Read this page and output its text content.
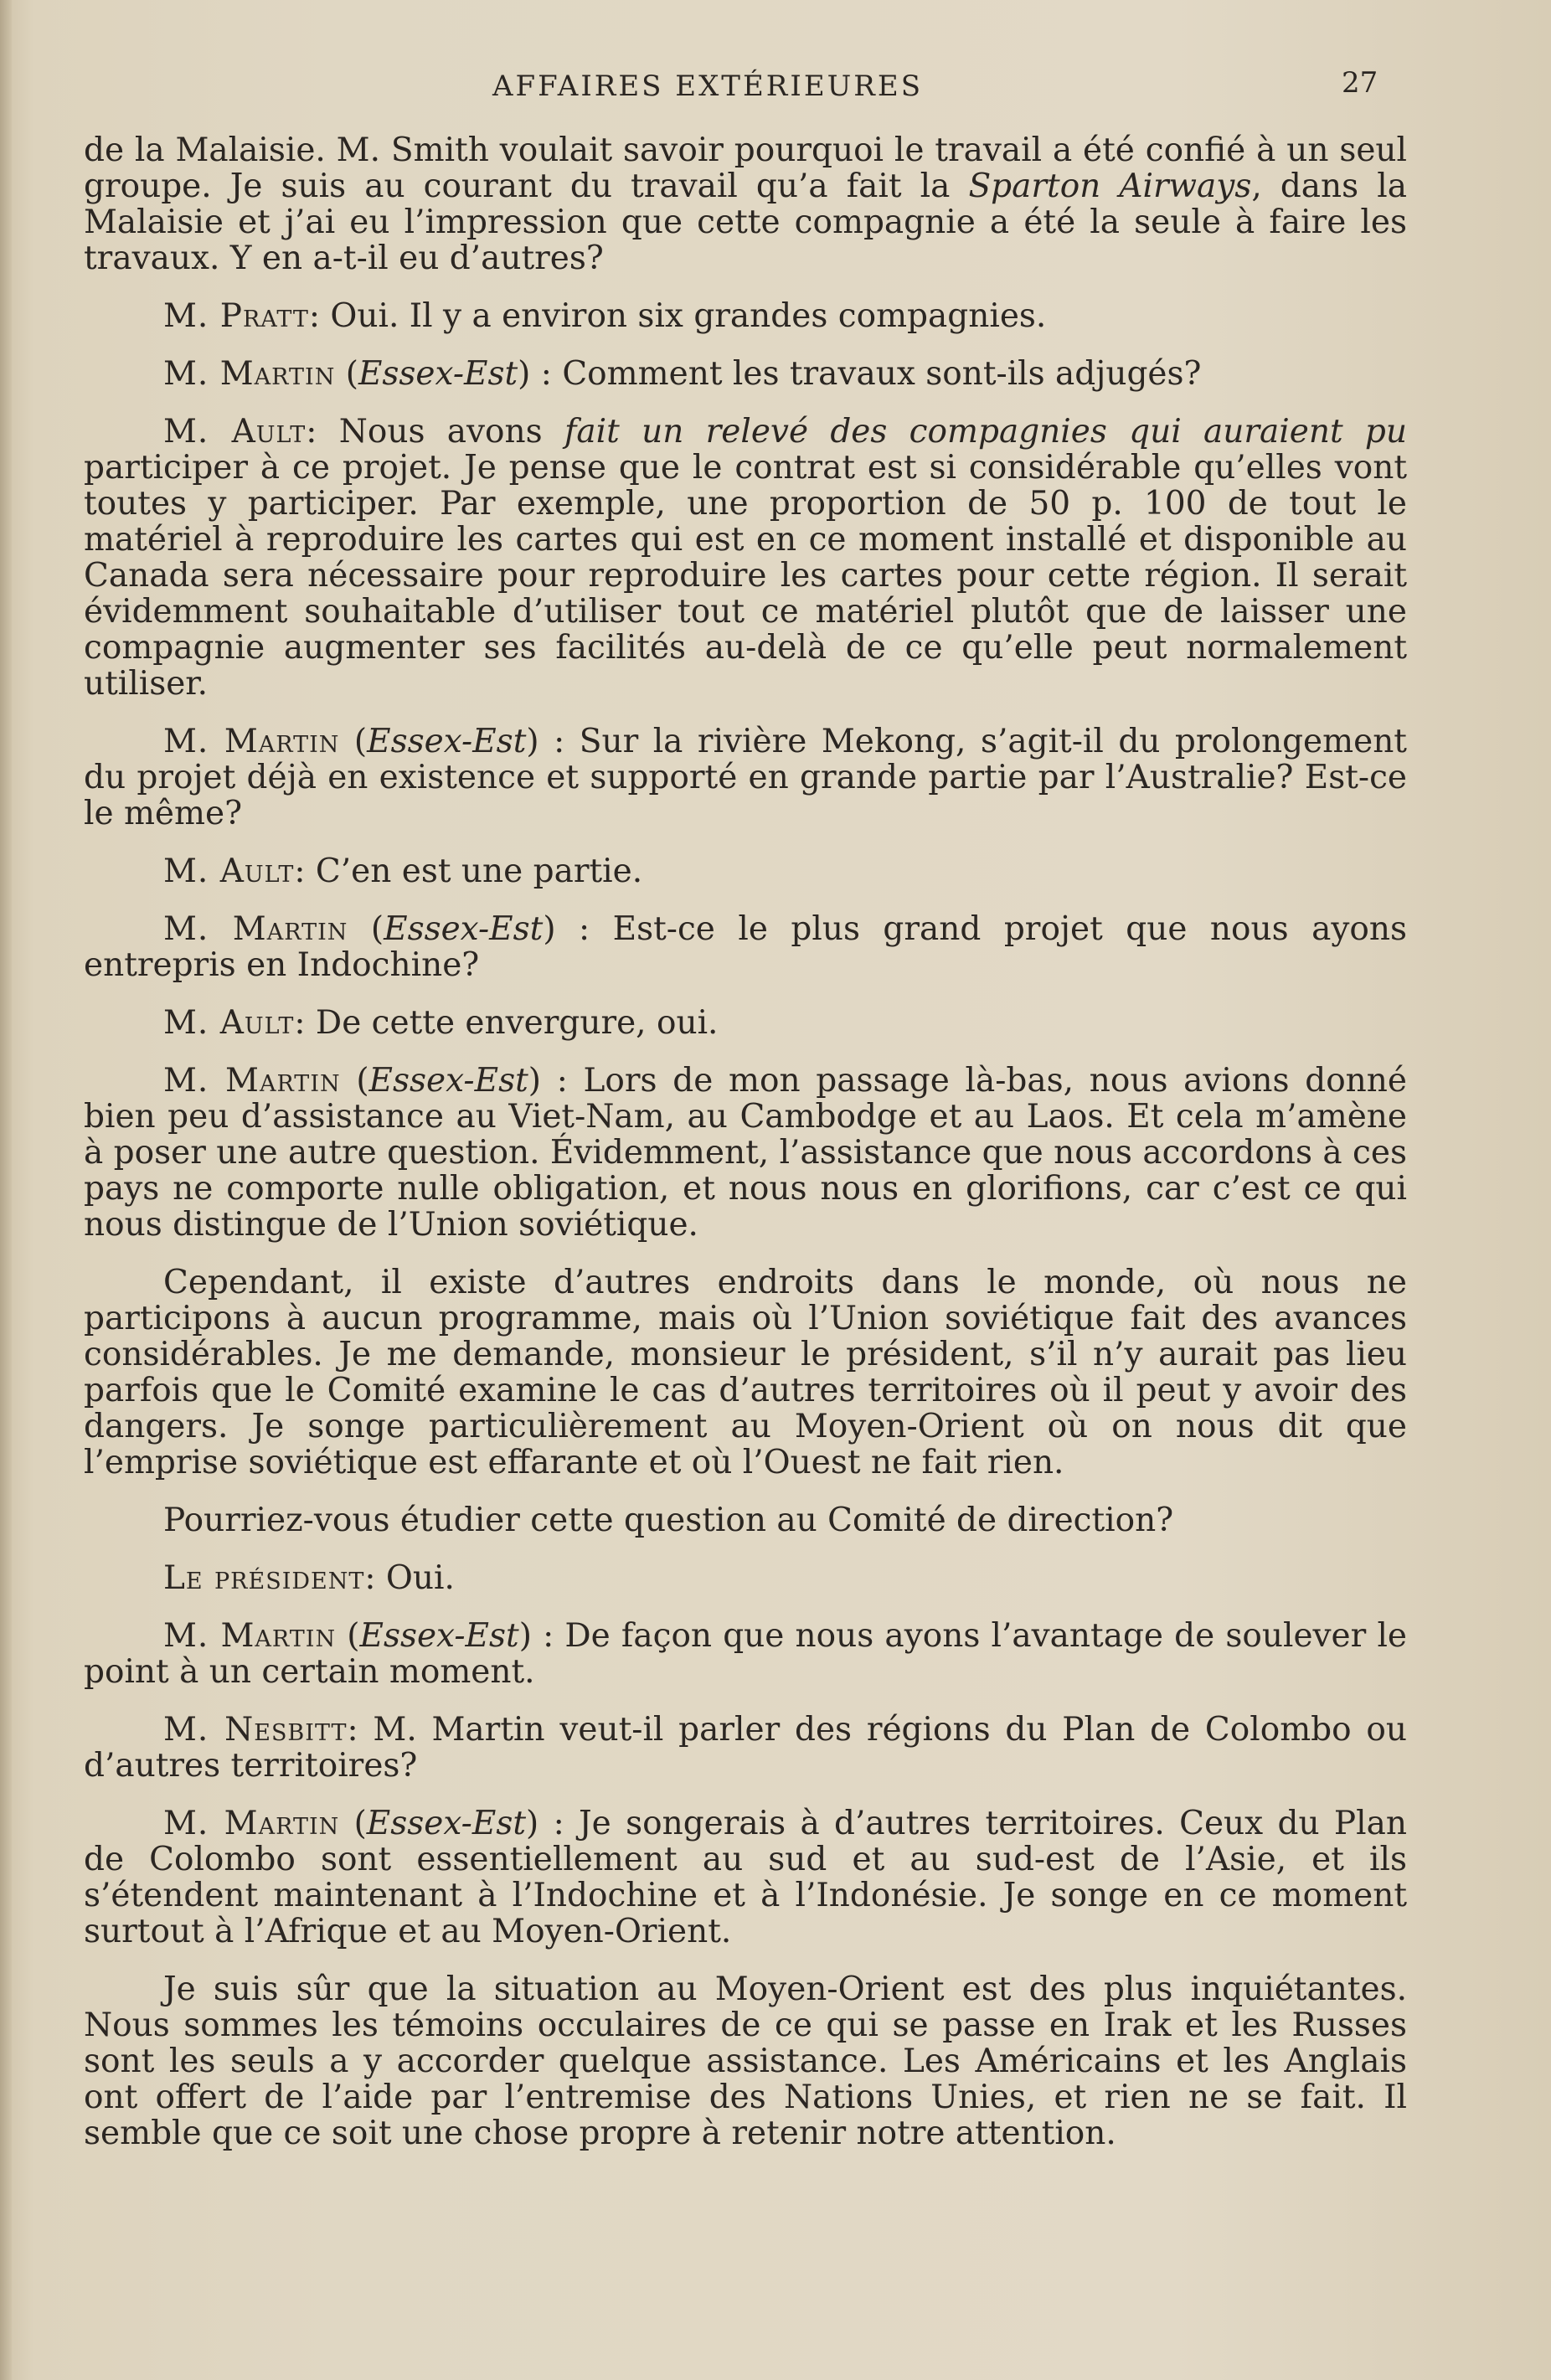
AFFAIRES EXTÉRIEURES	27

de la Malaisie. M. Smith voulait savoir pourquoi le travail a été confié à un seul groupe. Je suis au courant du travail qu’a fait la Sparton Airways, dans la Malaisie et j’ai eu l’impression que cette compagnie a été la seule à faire les travaux. Y en a-t-il eu d’autres?

M. Pratt: Oui. Il y a environ six grandes compagnies.

M. Martin (Essex-Est) : Comment les travaux sont-ils adjugés?

M. Ault: Nous avons fait un relevé des compagnies qui auraient pu participer à ce projet. Je pense que le contrat est si considérable qu’elles vont toutes y participer. Par exemple, une proportion de 50 p. 100 de tout le matériel à reproduire les cartes qui est en ce moment installé et disponible au Canada sera nécessaire pour reproduire les cartes pour cette région. Il serait évidemment souhaitable d’utiliser tout ce matériel plutôt que de laisser une compagnie augmenter ses facilités au-delà de ce qu’elle peut normalement utiliser.

M. Martin (Essex-Est) : Sur la rivière Mekong, s’agit-il du prolongement du projet déjà en existence et supporté en grande partie par l’Australie? Est-ce le même?

M. Ault: C’en est une partie.

M. Martin (Essex-Est) : Est-ce le plus grand projet que nous ayons entrepris en Indochine?

M. Ault: De cette envergure, oui.

M. Martin (Essex-Est) : Lors de mon passage là-bas, nous avions donné bien peu d’assistance au Viet-Nam, au Cambodge et au Laos. Et cela m’amène à poser une autre question. Évidemment, l’assistance que nous accordons à ces pays ne comporte nulle obligation, et nous nous en glorifions, car c’est ce qui nous distingue de l’Union soviétique.

Cependant, il existe d’autres endroits dans le monde, où nous ne participons à aucun programme, mais où l’Union soviétique fait des avances considérables. Je me demande, monsieur le président, s’il n’y aurait pas lieu parfois que le Comité examine le cas d’autres territoires où il peut y avoir des dangers. Je songe particulièrement au Moyen-Orient où on nous dit que l’emprise soviétique est effarante et où l’Ouest ne fait rien.

Pourriez-vous étudier cette question au Comité de direction?

Le président: Oui.

M. Martin (Essex-Est) : De façon que nous ayons l’avantage de soulever le point à un certain moment.

M. Nesbitt: M. Martin veut-il parler des régions du Plan de Colombo ou d’autres territoires?

M. Martin (Essex-Est) : Je songerais à d’autres territoires. Ceux du Plan de Colombo sont essentiellement au sud et au sud-est de l’Asie, et ils s’étendent maintenant à l’Indochine et à l’Indonésie. Je songe en ce moment surtout à l’Afrique et au Moyen-Orient.

Je suis sûr que la situation au Moyen-Orient est des plus inquiétantes. Nous sommes les témoins occulaires de ce qui se passe en Irak et les Russes sont les seuls a y accorder quelque assistance. Les Américains et les Anglais ont offert de l’aide par l’entremise des Nations Unies, et rien ne se fait. Il semble que ce soit une chose propre à retenir notre attention.
